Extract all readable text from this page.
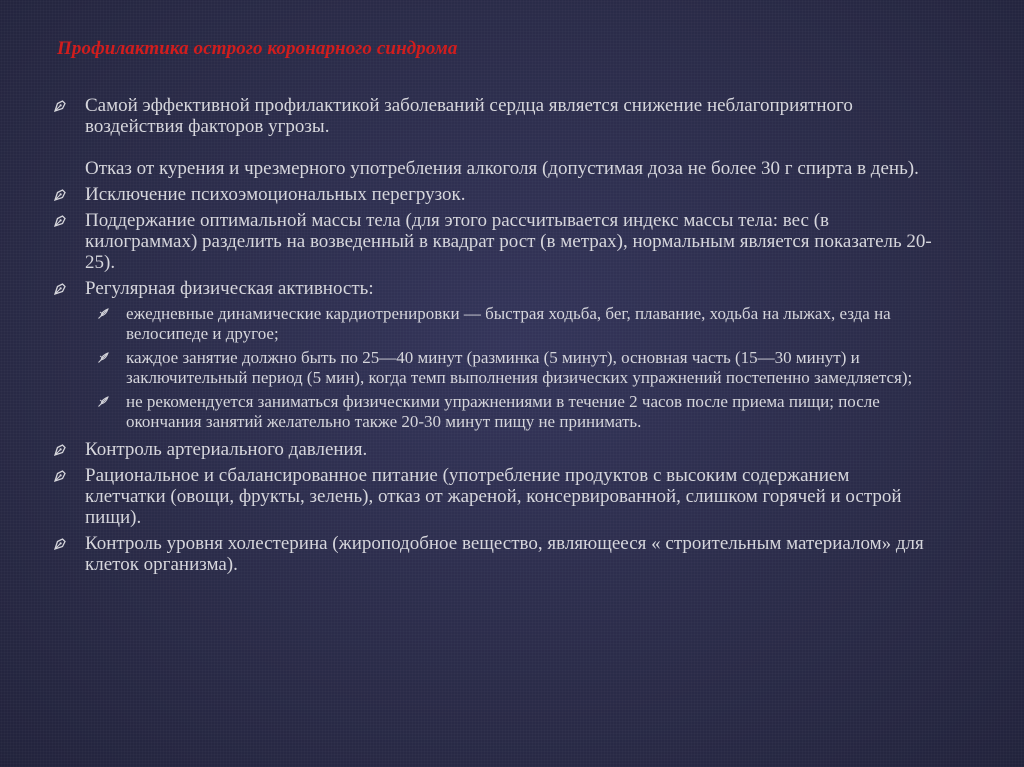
Профилактика острого коронарного синдрома
Самой эффективной профилактикой заболеваний сердца является снижение неблагоприятного воздействия факторов угрозы.
Отказ от курения и чрезмерного употребления алкоголя (допустимая доза не более 30 г спирта в день).
Исключение психоэмоциональных перегрузок.
Поддержание оптимальной массы тела (для этого рассчитывается индекс массы тела: вес (в килограммах) разделить на возведенный в квадрат рост (в метрах), нормальным является показатель 20-25).
Регулярная физическая активность:
ежедневные динамические кардиотренировки — быстрая ходьба, бег, плавание, ходьба на лыжах, езда на велосипеде и другое;
каждое занятие должно быть по 25—40 минут (разминка (5 минут), основная часть (15—30 минут) и заключительный период (5 мин), когда темп выполнения физических упражнений постепенно замедляется);
не рекомендуется заниматься физическими упражнениями в течение 2 часов после приема пищи; после окончания занятий желательно также 20-30 минут пищу не принимать.
Контроль артериального давления.
Рациональное и сбалансированное питание (употребление продуктов с высоким содержанием клетчатки (овощи, фрукты, зелень), отказ от жареной, консервированной, слишком горячей и острой пищи).
Контроль уровня холестерина (жироподобное вещество, являющееся « строительным материалом» для клеток организма).
